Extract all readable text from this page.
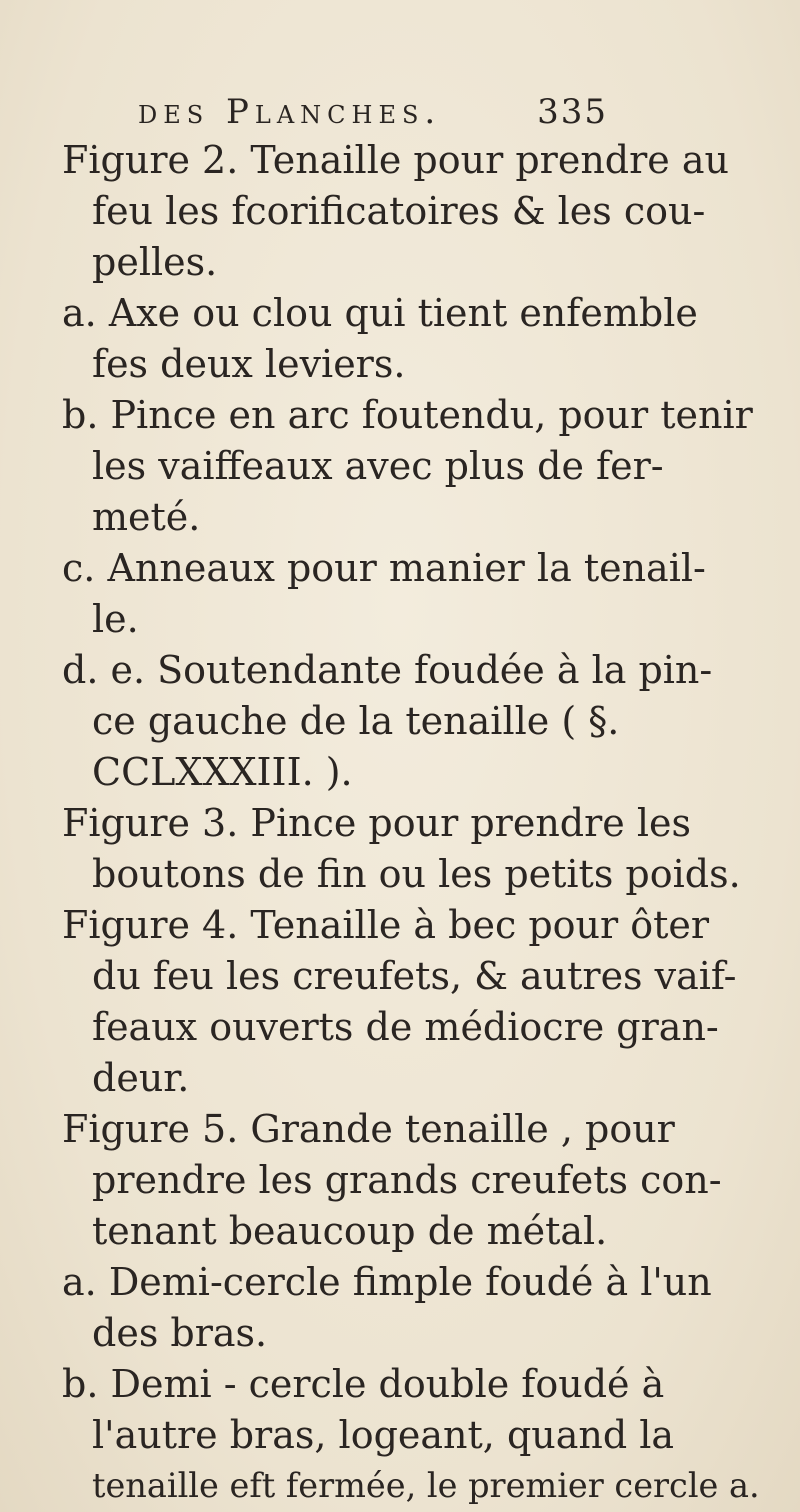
des Planches.	335
Figure 2. Tenaille pour prendre au
feu les fcorificatoires & les cou-
pelles.
a. Axe ou clou qui tient enfemble
fes deux leviers.
b. Pince en arc foutendu, pour tenir
les vaiffeaux avec plus de fer-
meté.
c. Anneaux pour manier la tenail-
le.
d. e. Soutendante foudée à la pin-
ce gauche de la tenaille ( §.
CCLXXXIII. ).
Figure 3. Pince pour prendre les
boutons de fin ou les petits poids.
Figure 4. Tenaille à bec pour ôter
du feu les creufets, & autres vaif-
feaux ouverts de médiocre gran-
deur.
Figure 5. Grande tenaille , pour
prendre les grands creufets con-
tenant beaucoup de métal.
a. Demi-cercle fimple foudé à l'un
des bras.
b. Demi - cercle double foudé à
l'autre bras, logeant, quand la
tenaille eft fermée, le premier cercle a.
